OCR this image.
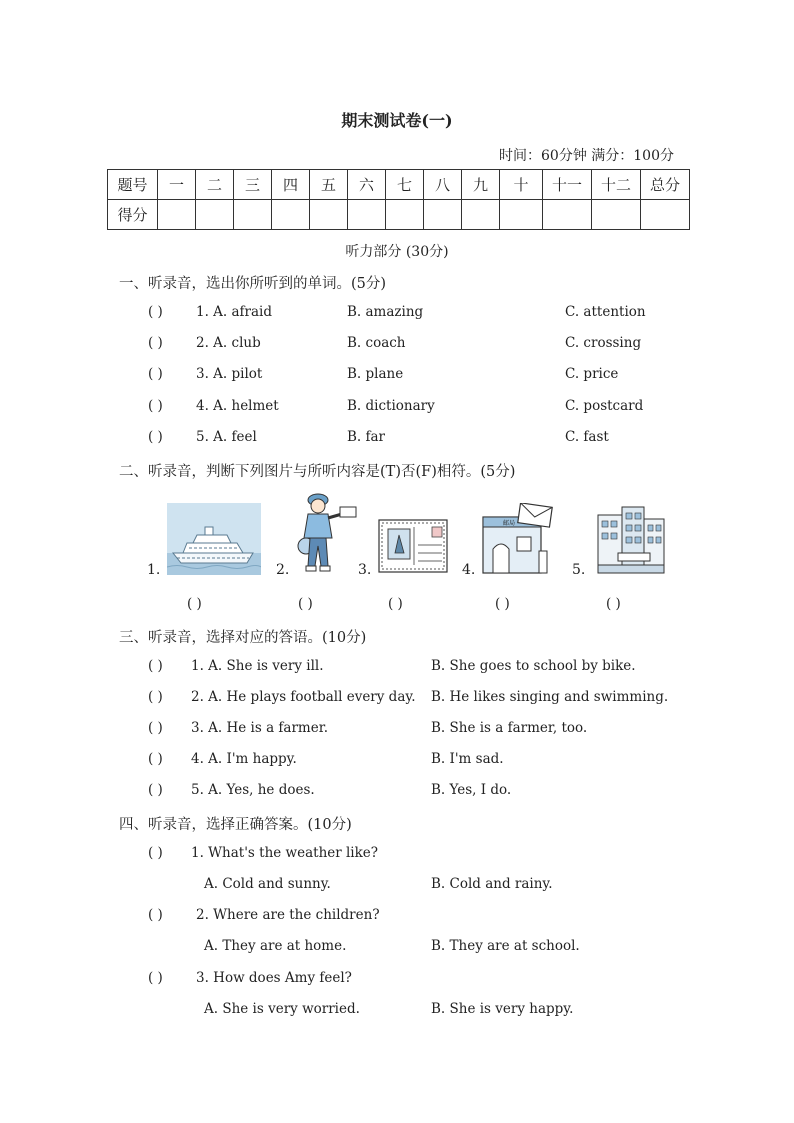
期末测试卷(一)
时间：60分钟 满分：100分
题号	一	二	三	四	五	六	七	八	九	十	十一	十二	总分
得分													
听力部分 (30分)
一、听录音，选出你所听到的单词。(5分)
( ) 1. A. afraid	B. amazing	C. attention
( ) 2. A. club	B. coach	C. crossing
( ) 3. A. pilot	B. plane	C. price
( ) 4. A. helmet	B. dictionary	C. postcard
( ) 5. A. feel	B. far	C. fast
二、听录音，判断下列图片与所听内容是(T)否(F)相符。(5分)
1.	2.	3.	4.
邮局
5.
( )	( )	( )	( )	( )
三、听录音，选择对应的答语。(10分)
( ) 1. A. She is very ill.	B. She goes to school by bike.
( ) 2. A. He plays football every day. B. He likes singing and swimming.
( ) 3. A. He is a farmer.	B. She is a farmer, too.
( ) 4. A. I'm happy.	B. I'm sad.
( ) 5. A. Yes, he does.	B. Yes, I do.
四、听录音，选择正确答案。(10分)
( ) 1. What's the weather like?
A. Cold and sunny.	B. Cold and rainy.
( ) 2. Where are the children?
A. They are at home.	B. They are at school.
( ) 3. How does Amy feel?
A. She is very worried.	B. She is very happy.
